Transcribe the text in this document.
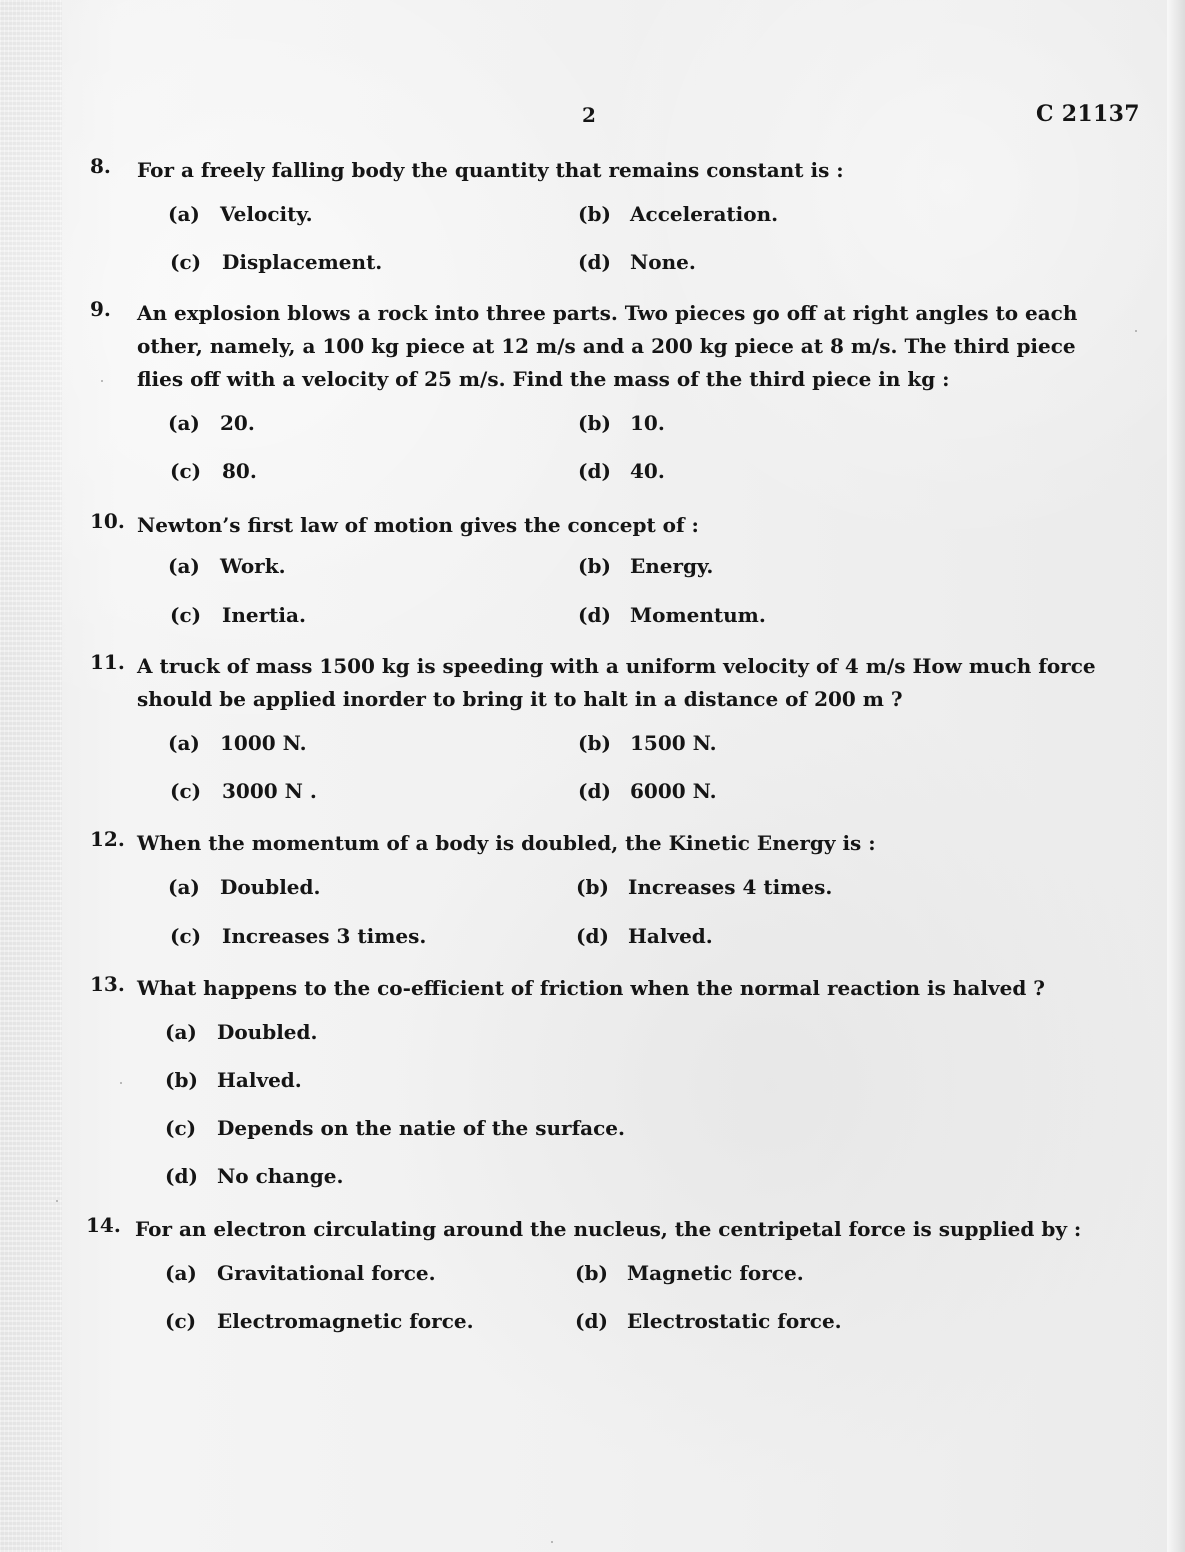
2	C 21137
8. For a freely falling body the quantity that remains constant is :
(a) Velocity.	(b) Acceleration.
(c) Displacement.	(d) None.
9. An explosion blows a rock into three parts. Two pieces go off at right angles to each other, namely, a 100 kg piece at 12 m/s and a 200 kg piece at 8 m/s. The third piece flies off with a velocity of 25 m/s. Find the mass of the third piece in kg :
(a) 20.	(b) 10.
(c) 80.	(d) 40.
10. Newton’s first law of motion gives the concept of :
(a) Work.	(b) Energy.
(c) Inertia.	(d) Momentum.
11. A truck of mass 1500 kg is speeding with a uniform velocity of 4 m/s How much force should be applied inorder to bring it to halt in a distance of 200 m ?
(a) 1000 N.	(b) 1500 N.
(c) 3000 N .	(d) 6000 N.
12. When the momentum of a body is doubled, the Kinetic Energy is :
(a) Doubled.	(b) Increases 4 times.
(c) Increases 3 times.	(d) Halved.
13. What happens to the co-efficient of friction when the normal reaction is halved ?
(a) Doubled.
(b) Halved.
(c) Depends on the natie of the surface.
(d) No change.
14. For an electron circulating around the nucleus, the centripetal force is supplied by :
(a) Gravitational force.	(b) Magnetic force.
(c) Electromagnetic force.	(d) Electrostatic force.
